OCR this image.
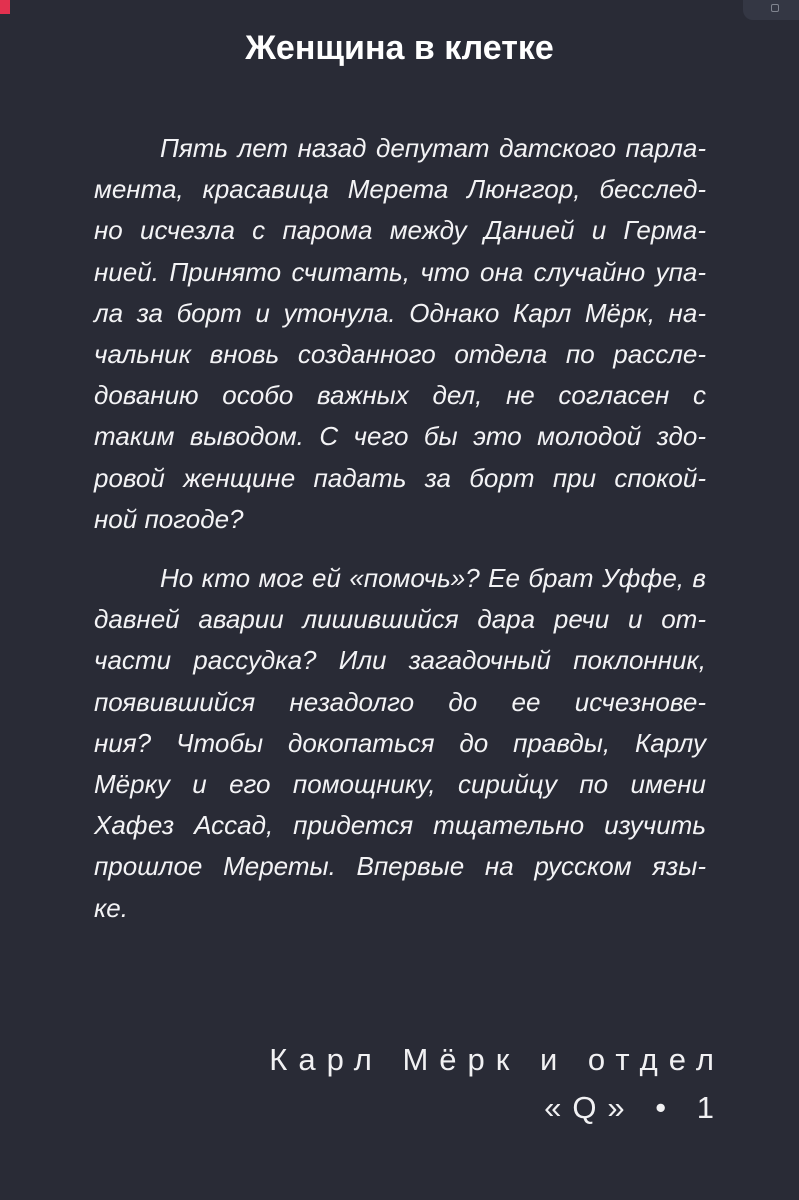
Женщина в клетке
Пять лет назад депутат датского парла-
мента, красавица Мерета Люнггор, бесслед-
но исчезла с парома между Данией и Герма-
нией. Принято считать, что она случайно упа-
ла за борт и утонула. Однако Карл Мёрк, на-
чальник вновь созданного отдела по рассле-
дованию особо важных дел, не согласен с
таким выводом. С чего бы это молодой здо-
ровой женщине падать за борт при спокой-
ной погоде?
Но кто мог ей «помочь»? Ее брат Уффе, в
давней аварии лишившийся дара речи и от-
части рассудка? Или загадочный поклонник,
появившийся незадолго до ее исчезнове-
ния? Чтобы докопаться до правды, Карлу
Мёрку и его помощнику, сирийцу по имени
Хафез Ассад, придется тщательно изучить
прошлое Мереты. Впервые на русском язы-
ке.
Карл Мёрк и отдел
«Q» • 1
